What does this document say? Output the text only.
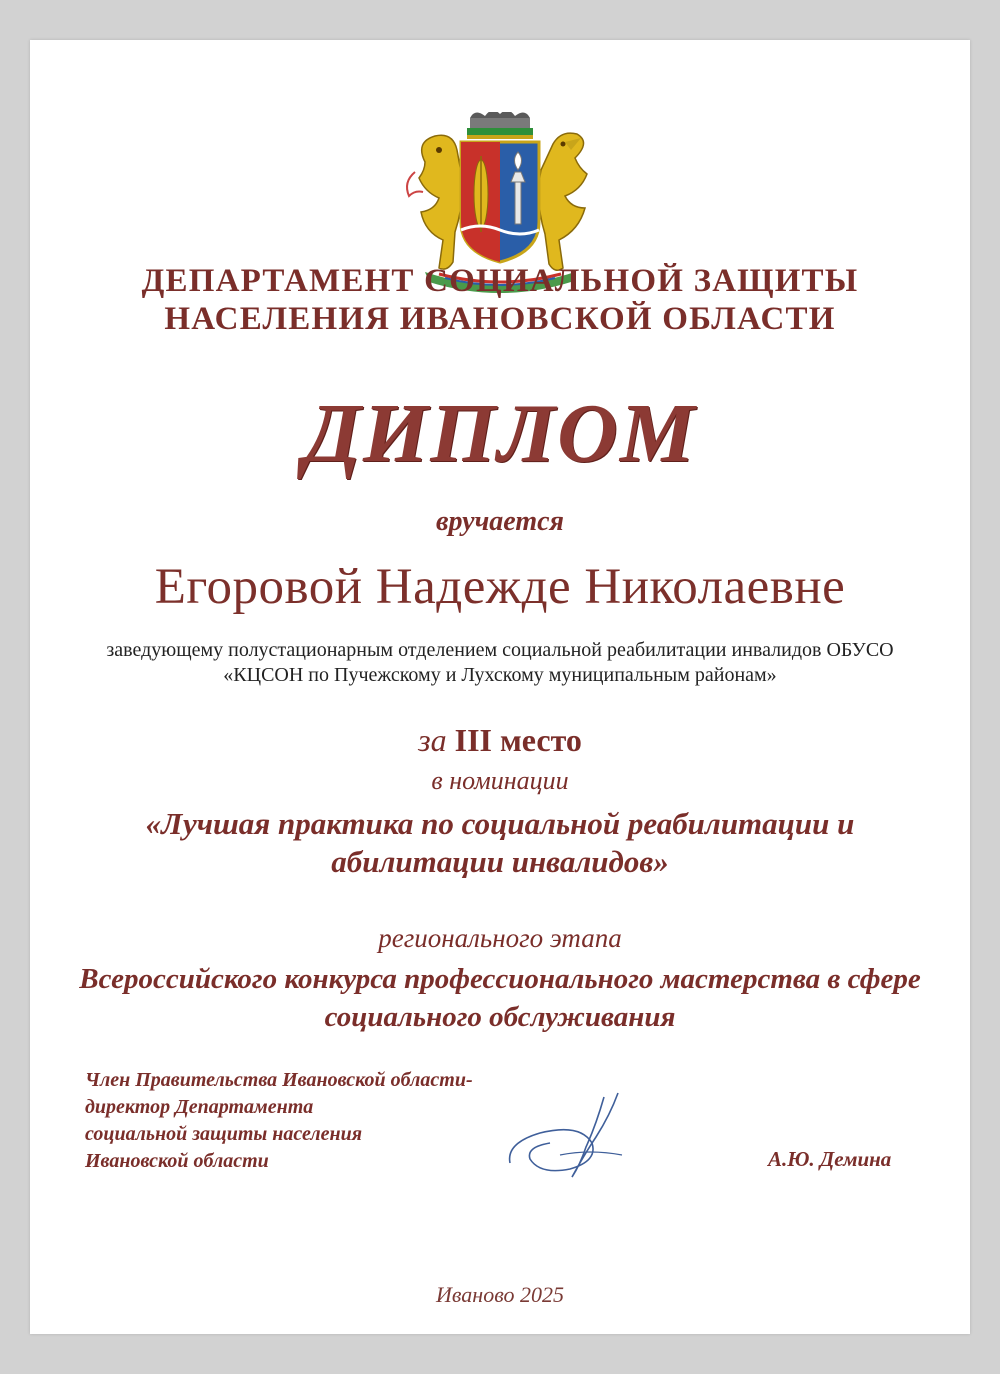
ДЕПАРТАМЕНТ СОЦИАЛЬНОЙ ЗАЩИТЫ
НАСЕЛЕНИЯ ИВАНОВСКОЙ ОБЛАСТИ
ДИПЛОМ
вручается
Егоровой Надежде Николаевне
заведующему полустационарным отделением социальной реабилитации инвалидов ОБУСО «КЦСОН по Пучежскому и Лухскому муниципальным районам»
за III место
в номинации
«Лучшая практика по социальной реабилитации и абилитации инвалидов»
регионального этапа
Всероссийского конкурса профессионального мастерства в сфере социального обслуживания
Член Правительства Ивановской области-
директор Департамента
социальной защиты населения
Ивановской области	А.Ю. Демина
Иваново 2025
